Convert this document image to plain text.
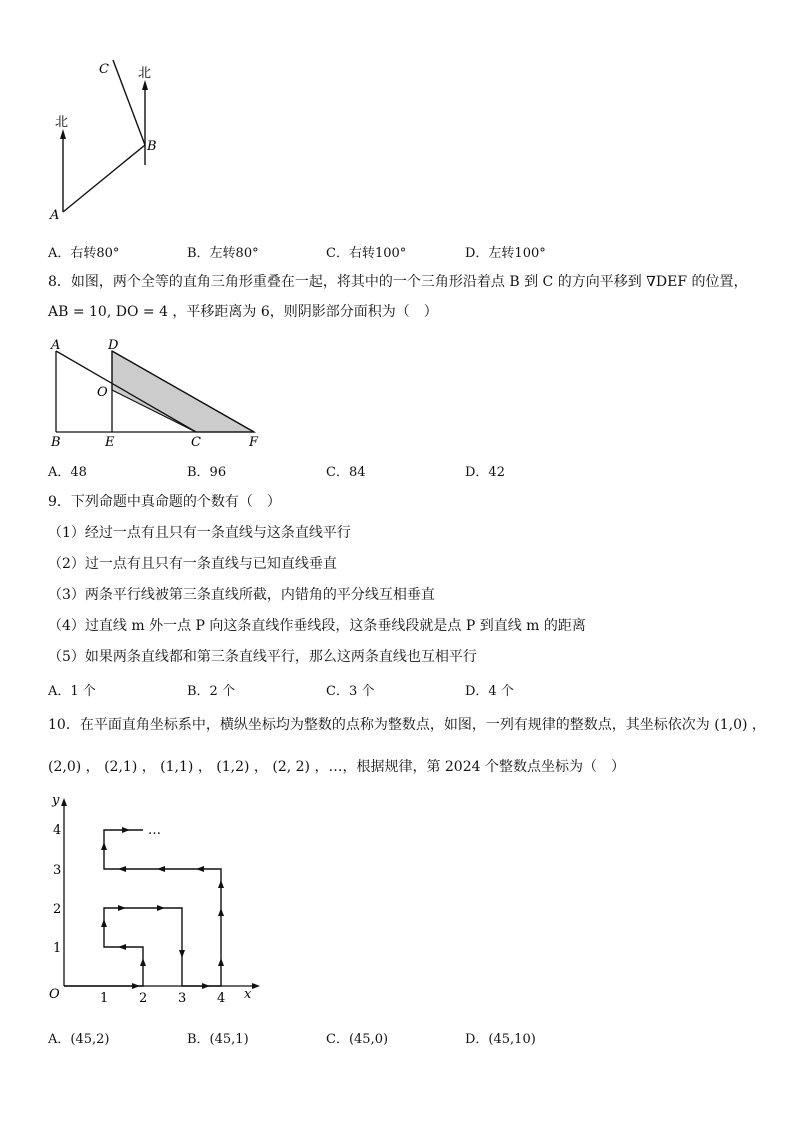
北
北
C
B
A
A．右转80°	B．左转80°	C．右转100°	D．左转100°
8．如图，两个全等的直角三角形重叠在一起，将其中的一个三角形沿着点 B 到 C 的方向平移到 ∇DEF 的位置，
AB = 10, DO = 4 ，平移距离为 6，则阴影部分面积为（　）
A	D
O
B	E	C	F
A．48	B．96	C．84	D．42
9．下列命题中真命题的个数有（　）
（1）经过一点有且只有一条直线与这条直线平行
（2）过一点有且只有一条直线与已知直线垂直
（3）两条平行线被第三条直线所截，内错角的平分线互相垂直
（4）过直线 m 外一点 P 向这条直线作垂线段，这条垂线段就是点 P 到直线 m 的距离
（5）如果两条直线都和第三条直线平行，那么这两条直线也互相平行
A．1 个	B．2 个	C．3 个	D．4 个
10．在平面直角坐标系中，横纵坐标均为整数的点称为整数点，如图，一列有规律的整数点，其坐标依次为 (1,0) ，
(2,0) ， (2,1) ， (1,1) ， (1,2) ， (2, 2) ，…，根据规律，第 2024 个整数点坐标为（　）
x
y
O	1 2 3 4
1
2
3
4	…
A．(45,2)	B．(45,1)	C．(45,0)	D．(45,10)
